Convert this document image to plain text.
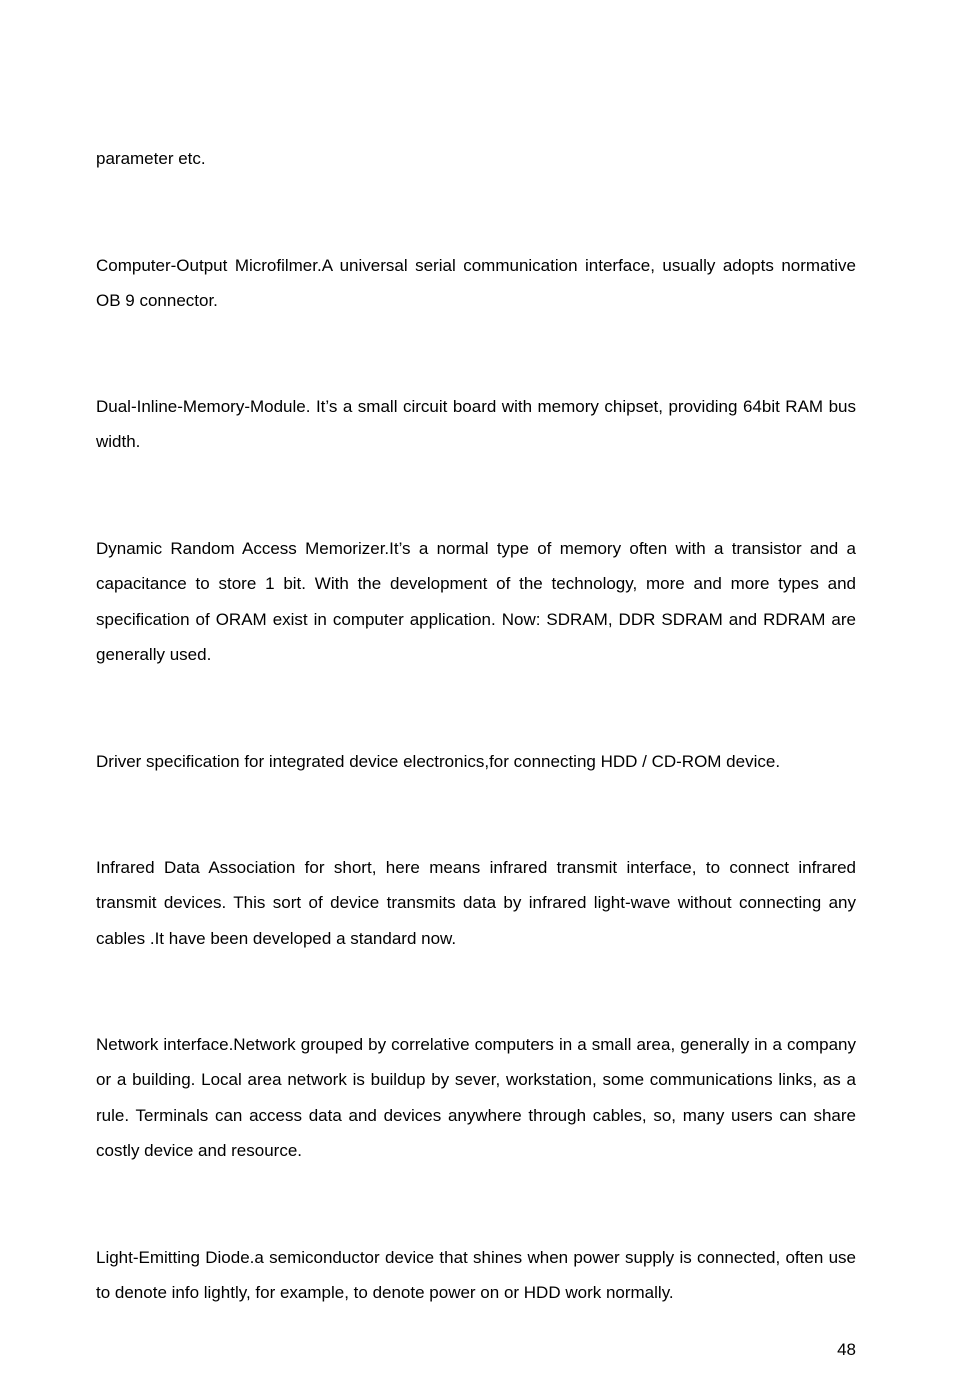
parameter etc.

Computer-Output Microfilmer.A universal serial communication interface, usually adopts normative OB 9 connector.

Dual-Inline-Memory-Module. It’s a small circuit board with memory chipset, providing 64bit RAM bus width.

Dynamic Random Access Memorizer.It’s a normal type of memory often with a transistor and a capacitance to store 1 bit. With the development of the technology, more and more types and specification of ORAM exist in computer application. Now: SDRAM, DDR SDRAM and RDRAM are generally used.

Driver specification for integrated device electronics,for connecting HDD / CD-ROM device.

Infrared Data Association for short, here means infrared transmit interface, to connect infrared transmit devices. This sort of device transmits data by infrared light-wave without connecting any cables .It have been developed a standard now.

Network interface.Network grouped by correlative computers in a small area, generally in a company or a building. Local area network is buildup by sever, workstation, some communications links, as a rule. Terminals can access data and devices anywhere through cables, so, many users can share costly device and resource.

Light-Emitting Diode.a semiconductor device that shines when power supply is connected, often use to denote info lightly, for example, to denote power on or HDD work normally.

48
